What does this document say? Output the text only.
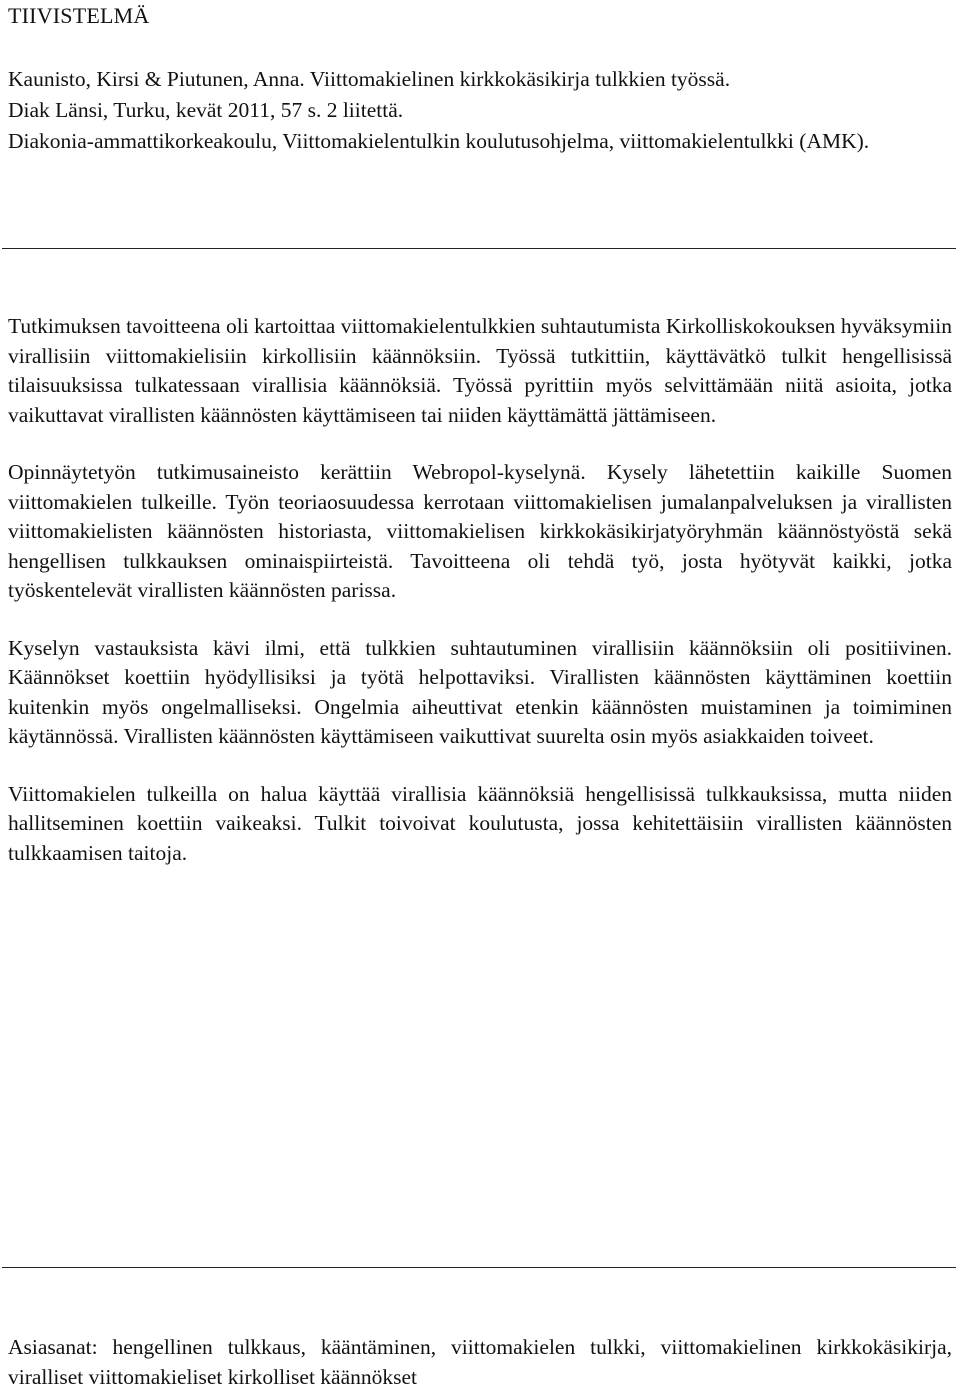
TIIVISTELMÄ
Kaunisto, Kirsi & Piutunen, Anna. Viittomakielinen kirkkokäsikirja tulkkien työssä.
Diak Länsi, Turku, kevät 2011, 57 s. 2 liitettä.
Diakonia-ammattikorkeakoulu, Viittomakielentulkin koulutusohjelma, viittomakielentulkki (AMK).

Tutkimuksen tavoitteena oli kartoittaa viittomakielentulkkien suhtautumista Kirkolliskokouksen hyväksymiin virallisiin viittomakielisiin kirkollisiin käännöksiin. Työssä tutkittiin, käyttävätkö tulkit hengellisissä tilaisuuksissa tulkatessaan virallisia käännöksiä. Työssä pyrittiin myös selvittämään niitä asioita, jotka vaikuttavat virallisten käännösten käyttämiseen tai niiden käyttämättä jättämiseen.

Opinnäytetyön tutkimusaineisto kerättiin Webropol-kyselynä. Kysely lähetettiin kaikille Suomen viittomakielen tulkeille. Työn teoriaosuudessa kerrotaan viittomakielisen jumalanpalveluksen ja virallisten viittomakielisten käännösten historiasta, viittomakielisen kirkkokäsikirjatyöryhmän käännöstyöstä sekä hengellisen tulkkauksen ominaispiirteistä. Tavoitteena oli tehdä työ, josta hyötyvät kaikki, jotka työskentelevät virallisten käännösten parissa.

Kyselyn vastauksista kävi ilmi, että tulkkien suhtautuminen virallisiin käännöksiin oli positiivinen. Käännökset koettiin hyödyllisiksi ja työtä helpottaviksi. Virallisten käännösten käyttäminen koettiin kuitenkin myös ongelmalliseksi. Ongelmia aiheuttivat etenkin käännösten muistaminen ja toimiminen käytännössä. Virallisten käännösten käyttämiseen vaikuttivat suurelta osin myös asiakkaiden toiveet.

Viittomakielen tulkeilla on halua käyttää virallisia käännöksiä hengellisissä tulkkauksissa, mutta niiden hallitseminen koettiin vaikeaksi. Tulkit toivoivat koulutusta, jossa kehitettäisiin virallisten käännösten tulkkaamisen taitoja.

Asiasanat: hengellinen tulkkaus, kääntäminen, viittomakielen tulkki, viittomakielinen kirkkokäsikirja, viralliset viittomakieliset kirkolliset käännökset
